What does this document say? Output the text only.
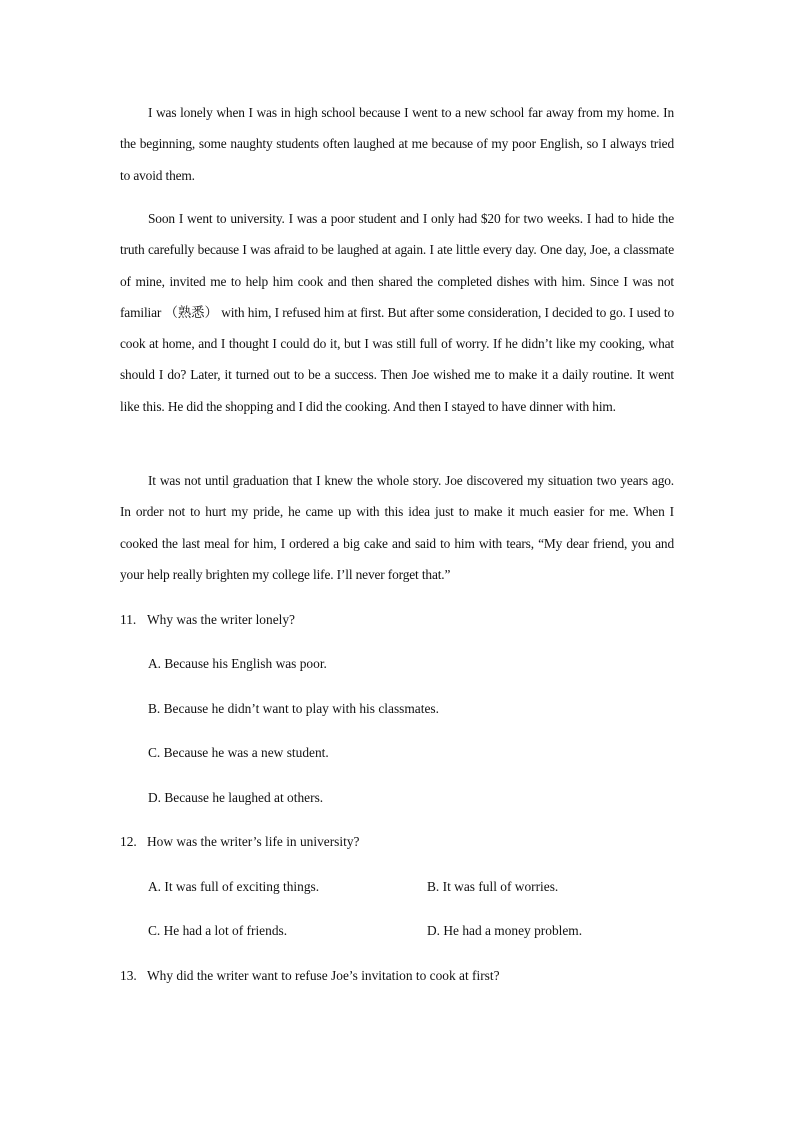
I was lonely when I was in high school because I went to a new school far away from my home. In the beginning, some naughty students often laughed at me because of my poor English, so I always tried to avoid them.

Soon I went to university. I was a poor student and I only had $20 for two weeks. I had to hide the truth carefully because I was afraid to be laughed at again. I ate little every day. One day, Joe, a classmate of mine, invited me to help him cook and then shared the completed dishes with him. Since I was not familiar （熟悉） with him, I refused him at first. But after some consideration, I decided to go. I used to cook at home, and I thought I could do it, but I was still full of worry. If he didn’t like my cooking, what should I do? Later, it turned out to be a success. Then Joe wished me to make it a daily routine. It went like this. He did the shopping and I did the cooking. And then I stayed to have dinner with him.

It was not until graduation that I knew the whole story. Joe discovered my situation two years ago. In order not to hurt my pride, he came up with this idea just to make it much easier for me. When I cooked the last meal for him, I ordered a big cake and said to him with tears, “My dear friend, you and your help really brighten my college life. I’ll never forget that.”

11. Why was the writer lonely?
A. Because his English was poor.
B. Because he didn’t want to play with his classmates.
C. Because he was a new student.
D. Because he laughed at others.
12. How was the writer’s life in university?
A. It was full of exciting things.	B. It was full of worries.
C. He had a lot of friends.	D. He had a money problem.
13. Why did the writer want to refuse Joe’s invitation to cook at first?
